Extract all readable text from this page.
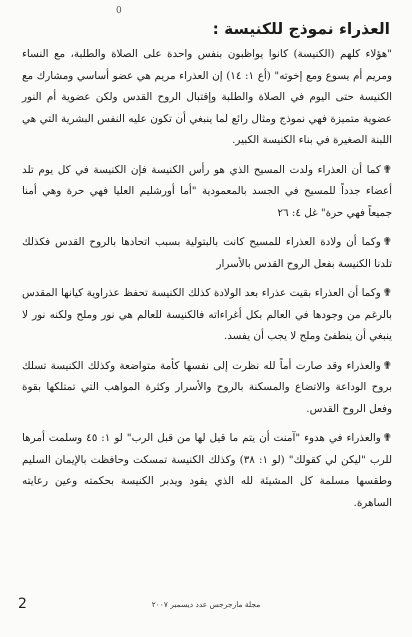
0
العذراء نموذج للكنيسة :

"هؤلاء كلهم (الكنيسة) كانوا يواظبون بنفس واحدة على الصلاة والطلبة، مع النساء ومريم أم يسوع ومع إخوته" (أع ١: ١٤) إن العذراء مريم هي عضو أساسي ومشارك مع الكنيسة حتى اليوم في الصلاة والطلبة وإقتبال الروح القدس ولكن عضوية أم النور عضوية متميزة فهي نموذج ومثال رائع لما ينبغي أن تكون عليه النفس البشرية التي هي اللبنة الصغيرة في بناء الكنيسة الكبير.

✟كما أن العذراء ولدت المسيح الذي هو رأس الكنيسة فإن الكنيسة في كل يوم تلد أعضاء جدداً للمسيح في الجسد بالمعمودية "أما أورشليم العليا فهي حرة وهي أمنا جميعاً فهي حرة" غل ٤: ٢٦

✟وكما أن ولادة العذراء للمسيح كانت بالبتولية بسبب اتحادها بالروح القدس فكذلك تلدنا الكنيسة بفعل الروح القدس بالأسرار

✟وكما أن العذراء بقيت عذراء بعد الولادة كذلك الكنيسة تحفظ عذراوية كيانها المقدس بالرغم من وجودها في العالم بكل أغراءاته فالكنيسة للعالم هي نور وملح ولكنه نور لا ينبغي أن ينطفئ وملح لا يجب أن يفسد.

✟والعذراء وقد صارت أماً لله نظرت إلى نفسها كأمة متواضعة وكذلك الكنيسة تسلك بروح الوداعة والاتضاع والمسكنة بالروح والأسرار وكثرة المواهب التي تمتلكها بقوة وفعل الروح القدس.

✟والعذراء في هدوء "آمنت أن يتم ما قيل لها من قبل الرب" لو ١: ٤٥ وسلمت أمرها للرب "ليكن لي كقولك" (لو ١: ٣٨) وكذلك الكنيسة تمسكت وحافظت بالإيمان السليم وطقسها مسلمة كل المشيئة لله الذي يقود ويدبر الكنيسة بحكمته وعين رعايته الساهرة.

2	مجلة مارجرجس عدد ديسمبر ٢٠٠٧
